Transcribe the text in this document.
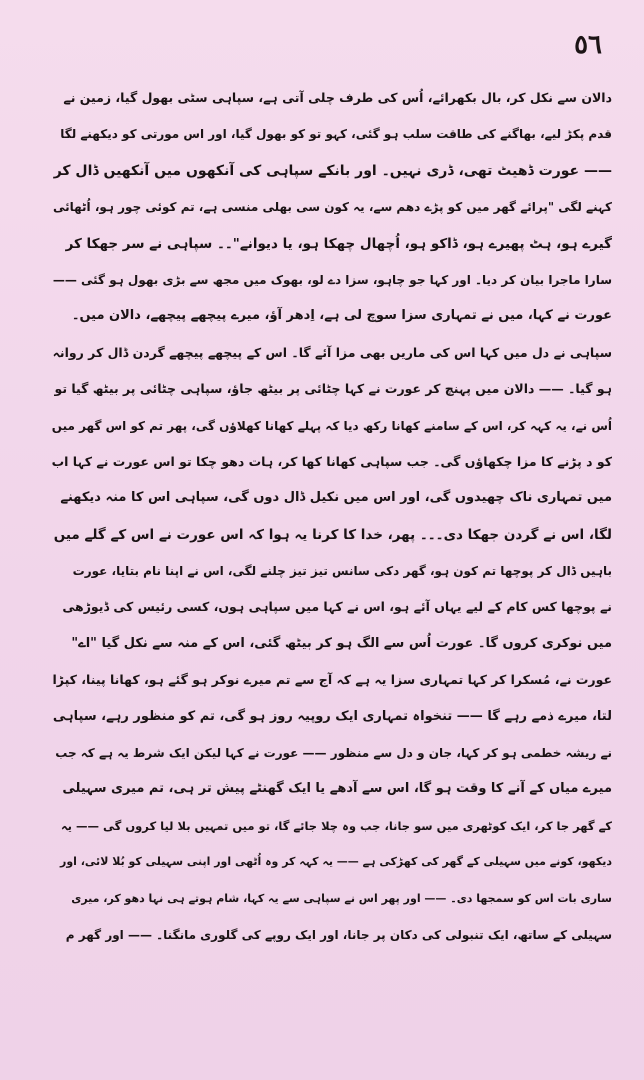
٥٦
دالان سے نکل کر، بال بکھرائے، اُس کی طرف چلی آتی ہے، سپاہی سٹی بھول گیا، زمین نے
قدم پکڑ لیے، بھاگنے کی طاقت سلب ہو گئی، کہو تو کو بھول گیا، اور اس مورتی کو دیکھنے لگا
—— عورت ڈھیٹ تھی، ڈری نہیں۔ اور بانکے سپاہی کی آنکھوں میں آنکھیں ڈال کر
کہنے لگی "پرائے گھر میں کو پڑے دھم سے، یہ کون سی بھلی منسی ہے، تم کوئی چور ہو، اُٹھائی
گیرے ہو، ہٹ پھیرے ہو، ڈاکو ہو، اُچھال چھکا ہو، یا دیوانے"۔۔ سپاہی نے سر جھکا کر
سارا ماجرا بیان کر دیا۔ اور کہا جو چاہو، سزا دے لو، بھوک میں مجھ سے بڑی بھول ہو گئی ——
عورت نے کہا، میں نے تمہاری سزا سوچ لی ہے، اِدھر آؤ، میرے پیچھے پیچھے، دالان میں۔
سپاہی نے دل میں کہا اس کی ماریں بھی مزا آئے گا۔ اس کے پیچھے پیچھے گردن ڈال کر روانہ
ہو گیا۔ —— دالان میں پہنچ کر عورت نے کہا چٹائی پر بیٹھ جاؤ، سپاہی چٹائی پر بیٹھ گیا تو
اُس نے، یہ کہہ کر، اس کے سامنے کھانا رکھ دیا کہ پہلے کھانا کھلاؤں گی، پھر تم کو اس گھر میں
کو د پڑنے کا مزا چکھاؤں گی۔ جب سپاہی کھانا کھا کر، ہات دھو چکا تو اس عورت نے کہا اب
میں تمہاری ناک چھیدوں گی، اور اس میں نکیل ڈال دوں گی، سپاہی اس کا منہ دیکھنے
لگا، اس نے گردن جھکا دی۔۔۔ پھر، خدا کا کرنا یہ ہوا کہ اس عورت نے اس کے گلے میں
باہیں ڈال کر پوچھا تم کون ہو، گھر دکی سانس تیز تیز چلنے لگی، اس نے اپنا نام بتایا، عورت
نے پوچھا کس کام کے لیے یہاں آئے ہو، اس نے کہا میں سپاہی ہوں، کسی رئیس کی ڈیوڑھی
میں نوکری کروں گا۔ عورت اُس سے الگ ہو کر بیٹھ گئی، اس کے منہ سے نکل گیا "اے"
عورت نے، مُسکرا کر کہا تمہاری سزا یہ ہے کہ آج سے تم میرے نوکر ہو گئے ہو، کھانا پینا، کپڑا
لتا، میرے ذمے رہے گا —— تنخواہ تمہاری ایک روپیہ روز ہو گی، تم کو منظور رہے، سپاہی
نے ریشہ خطمی ہو کر کہا، جان و دل سے منظور —— عورت نے کہا لیکن ایک شرط یہ ہے کہ جب
میرے میاں کے آنے کا وقت ہو گا، اس سے آدھے یا ایک گھنٹے پیش تر ہی، تم میری سہیلی
کے گھر جا کر، ایک کوٹھری میں سو جانا، جب وہ چلا جائے گا، تو میں تمہیں بلا لیا کروں گی —— یہ
دیکھو، کونے میں سہیلی کے گھر کی کھڑکی ہے —— یہ کہہ کر وہ اُٹھی اور اپنی سہیلی کو بُلا لائی، اور
ساری بات اس کو سمجھا دی۔ —— اور پھر اس نے سپاہی سے یہ کہا، شام ہوتے ہی نہا دھو کر، میری
سہیلی کے ساتھ، ایک تنبولی کی دکان پر جانا، اور ایک روپے کی گلوری مانگنا۔ —— اور گھر م
